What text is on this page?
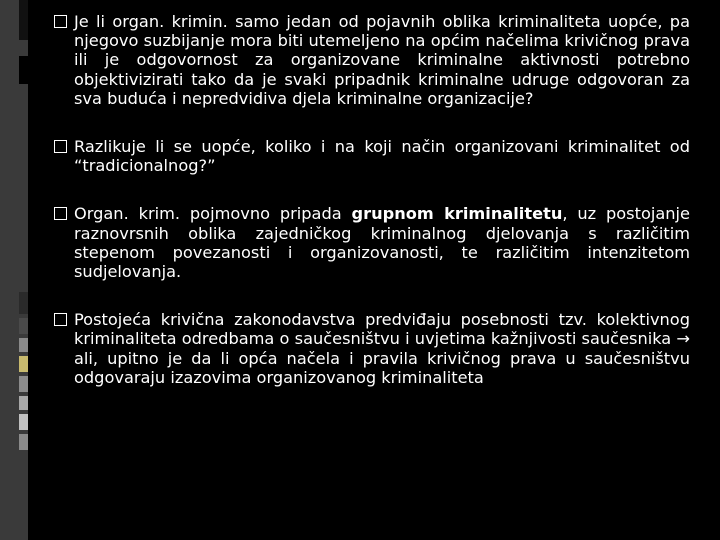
Je li organ. krimin. samo jedan od pojavnih oblika kriminaliteta uopće, pa njegovo suzbijanje mora biti utemeljeno na općim načelima krivičnog prava ili je odgovornost za organizovane kriminalne aktivnosti potrebno objektivizirati tako da je svaki pripadnik kriminalne udruge odgovoran za sva buduća i nepredvidiva djela kriminalne organizacije?
Razlikuje li se uopće, koliko i na koji način organizovani kriminalitet od “tradicionalnog?”
Organ. krim. pojmovno pripada grupnom kriminalitetu, uz postojanje raznovrsnih oblika zajedničkog kriminalnog djelovanja s različitim stepenom povezanosti i organizovanosti, te različitim intenzitetom sudjelovanja.
Postojeća krivična zakonodavstva predviđaju posebnosti tzv. kolektivnog kriminaliteta odredbama o saučesništvu i uvjetima kažnjivosti saučesnika → ali, upitno je da li opća načela i pravila krivičnog prava u saučesništvu odgovaraju izazovima organizovanog kriminaliteta
